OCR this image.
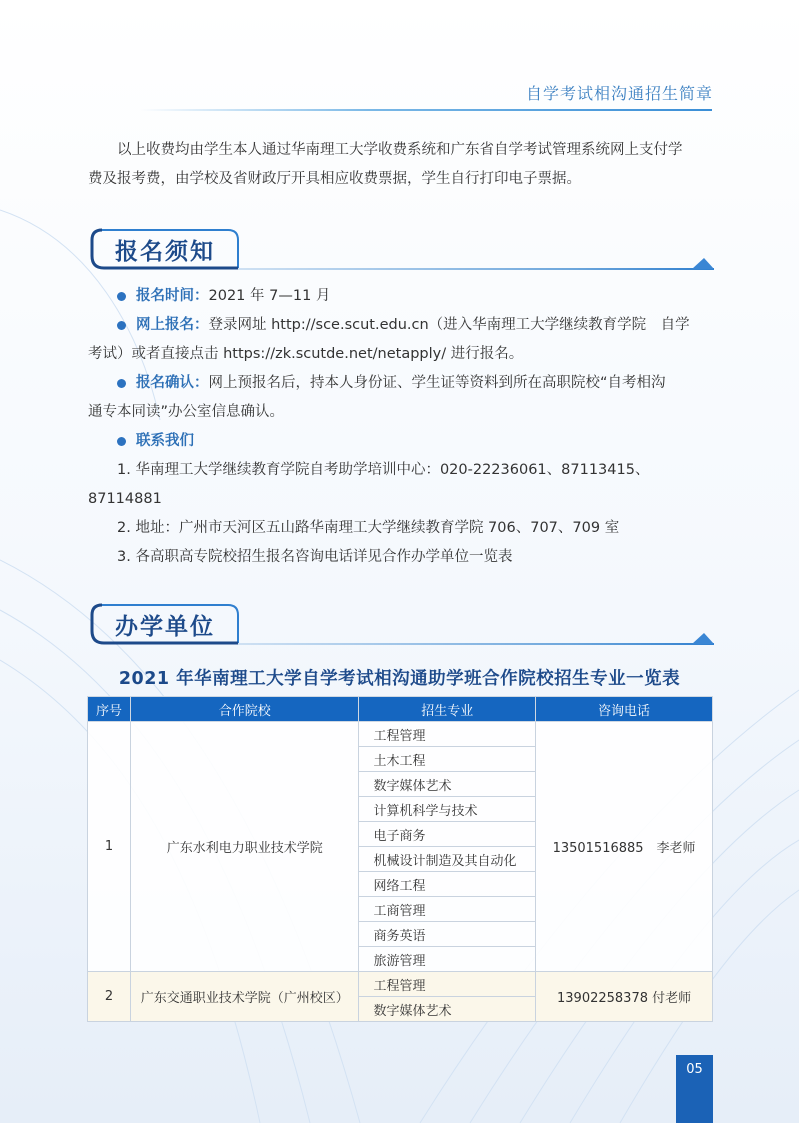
自学考试相沟通招生简章

以上收费均由学生本人通过华南理工大学收费系统和广东省自学考试管理系统网上支付学

费及报考费，由学校及省财政厅开具相应收费票据，学生自行打印电子票据。

报名须知
报名时间：2021 年 7—11 月
网上报名：登录网址 http://sce.scut.edu.cn（进入华南理工大学继续教育学院　自学

考试）或者直接点击 https://zk.scutde.net/netapply/ 进行报名。

报名确认：网上预报名后，持本人身份证、学生证等资料到所在高职院校“自考相沟

通专本同读”办公室信息确认。

联系我们

1. 华南理工大学继续教育学院自考助学培训中心：020-22236061、87113415、

87114881

2. 地址：广州市天河区五山路华南理工大学继续教育学院 706、707、709 室

3. 各高职高专院校招生报名咨询电话详见合作办学单位一览表

办学单位
2021 年华南理工大学自学考试相沟通助学班合作院校招生专业一览表
序号	合作院校	招生专业	咨询电话
1	广东水利电力职业技术学院	工程管理	13501516885　李老师
		土木工程	
		数字媒体艺术	
		计算机科学与技术	
		电子商务	
		机械设计制造及其自动化	
		网络工程	
		工商管理	
		商务英语	
		旅游管理	
2	广东交通职业技术学院（广州校区）	工程管理	13902258378 付老师
		数字媒体艺术	
05
